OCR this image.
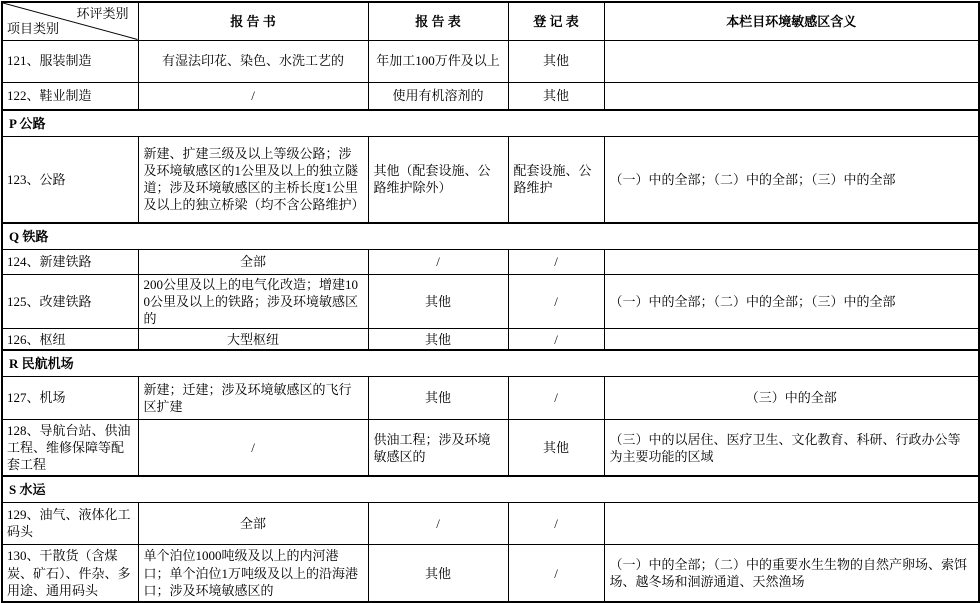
环评类别
项目类别	报 告 书	报 告 表	登 记 表	本栏目环境敏感区含义
121、服装制造	有湿法印花、染色、水洗工艺的	年加工100万件及以上	其他	
122、鞋业制造	/	使用有机溶剂的	其他	
P 公路				
123、公路	新建、扩建三级及以上等级公路；涉及环境敏感区的1公里及以上的独立隧道；涉及环境敏感区的主桥长度1公里及以上的独立桥梁（均不含公路维护）	其他（配套设施、公路维护除外）	配套设施、公路维护	（一）中的全部；（二）中的全部；（三）中的全部
Q 铁路				
124、新建铁路	全部	/	/	
125、改建铁路	200公里及以上的电气化改造；增建100公里及以上的铁路；涉及环境敏感区的	其他	/	（一）中的全部；（二）中的全部；（三）中的全部
126、枢纽	大型枢纽	其他	/	
R 民航机场				
127、机场	新建；迁建；涉及环境敏感区的飞行区扩建	其他	/	（三）中的全部
128、导航台站、供油工程、维修保障等配套工程	/	供油工程；涉及环境敏感区的	其他	（三）中的以居住、医疗卫生、文化教育、科研、行政办公等为主要功能的区域
S 水运				
129、油气、液体化工码头	全部	/	/	
130、干散货（含煤炭、矿石）、件杂、多用途、通用码头	单个泊位1000吨级及以上的内河港口；单个泊位1万吨级及以上的沿海港口；涉及环境敏感区的	其他	/	（一）中的全部；（二）中的重要水生生物的自然产卵场、索饵场、越冬场和洄游通道、天然渔场
